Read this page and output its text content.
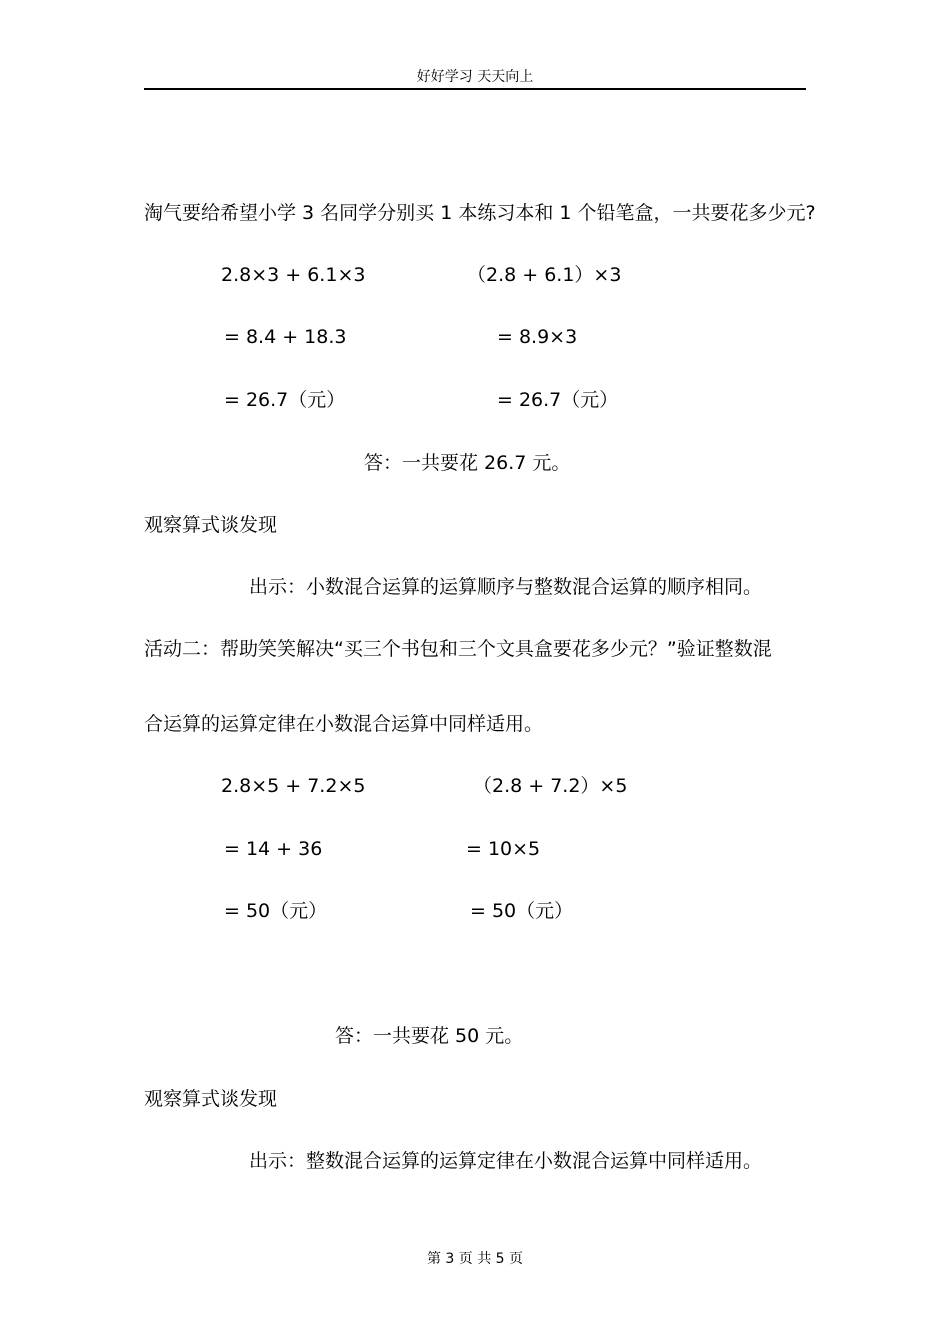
好好学习 天天向上
淘气要给希望小学 3 名同学分别买 1 本练习本和 1 个铅笔盒，一共要花多少元?
2.8×3 + 6.1×3
= 8.4 + 18.3
= 26.7（元）
（2.8 + 6.1）×3
= 8.9×3
= 26.7（元）
答：一共要花 26.7 元。
观察算式谈发现
出示：小数混合运算的运算顺序与整数混合运算的顺序相同。
活动二：帮助笑笑解决“买三个书包和三个文具盒要花多少元？”验证整数混
合运算的运算定律在小数混合运算中同样适用。
2.8×5 + 7.2×5
= 14 + 36
= 50（元）
（2.8 + 7.2）×5
= 10×5
= 50（元）
答：一共要花 50 元。
观察算式谈发现
出示：整数混合运算的运算定律在小数混合运算中同样适用。
第 3 页 共 5 页
